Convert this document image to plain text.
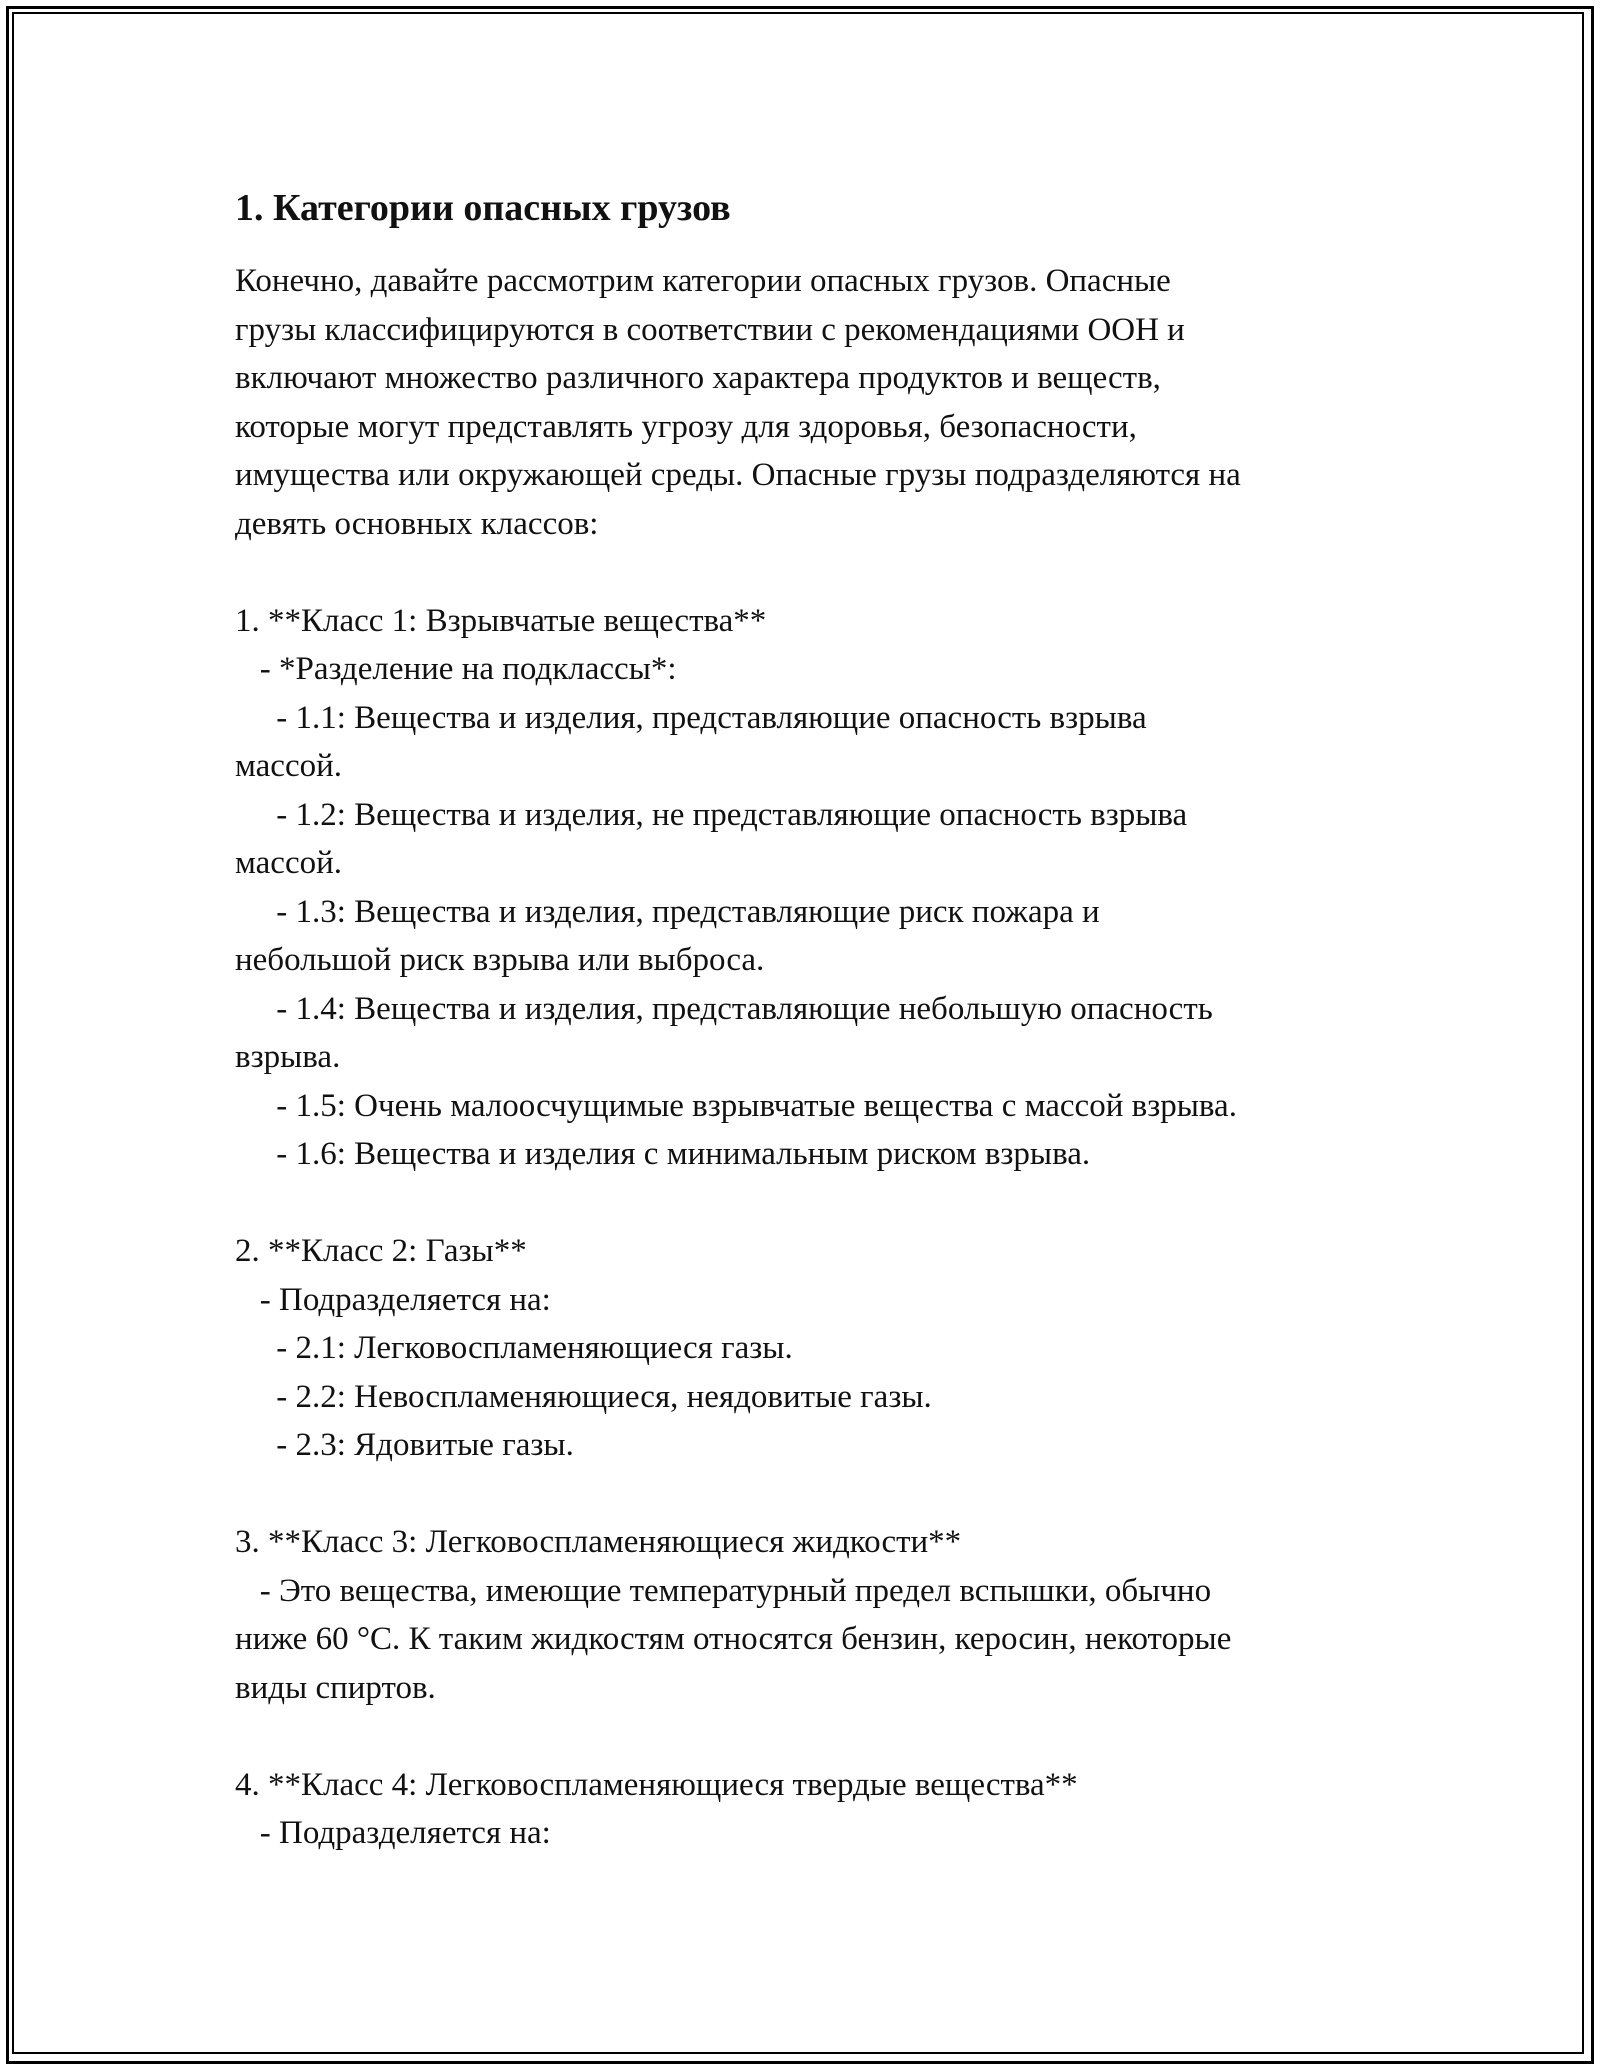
1. Категории опасных грузов

Конечно, давайте рассмотрим категории опасных грузов. Опасные

грузы классифицируются в соответствии с рекомендациями ООН и

включают множество различного характера продуктов и веществ,

которые могут представлять угрозу для здоровья, безопасности,

имущества или окружающей среды. Опасные грузы подразделяются на

девять основных классов:

1. **Класс 1: Взрывчатые вещества**

- *Разделение на подклассы*:

- 1.1: Вещества и изделия, представляющие опасность взрыва

массой.

- 1.2: Вещества и изделия, не представляющие опасность взрыва

массой.

- 1.3: Вещества и изделия, представляющие риск пожара и

небольшой риск взрыва или выброса.

- 1.4: Вещества и изделия, представляющие небольшую опасность

взрыва.

- 1.5: Очень малоосчущимые взрывчатые вещества с массой взрыва.

- 1.6: Вещества и изделия с минимальным риском взрыва.

2. **Класс 2: Газы**

- Подразделяется на:

- 2.1: Легковоспламеняющиеся газы.

- 2.2: Невоспламеняющиеся, неядовитые газы.

- 2.3: Ядовитые газы.

3. **Класс 3: Легковоспламеняющиеся жидкости**

- Это вещества, имеющие температурный предел вспышки, обычно

ниже 60 °C. К таким жидкостям относятся бензин, керосин, некоторые

виды спиртов.

4. **Класс 4: Легковоспламеняющиеся твердые вещества**

- Подразделяется на:
